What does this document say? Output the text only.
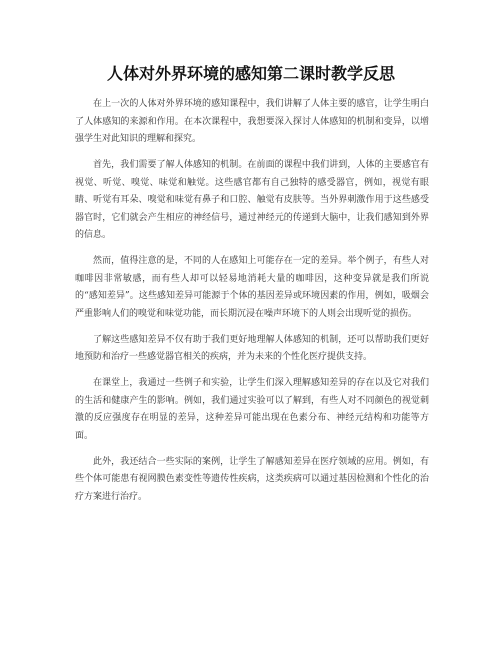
人体对外界环境的感知第二课时教学反思

在上一次的人体对外界环境的感知课程中，我们讲解了人体主要的感官，让学生明白了人体感知的来源和作用。在本次课程中，我想要深入探讨人体感知的机制和变异，以增强学生对此知识的理解和探究。

首先，我们需要了解人体感知的机制。在前面的课程中我们讲到，人体的主要感官有视觉、听觉、嗅觉、味觉和触觉。这些感官都有自己独特的感受器官，例如，视觉有眼睛、听觉有耳朵、嗅觉和味觉有鼻子和口腔、触觉有皮肤等。当外界刺激作用于这些感受器官时，它们就会产生相应的神经信号，通过神经元的传递到大脑中，让我们感知到外界的信息。

然而，值得注意的是，不同的人在感知上可能存在一定的差异。举个例子，有些人对咖啡因非常敏感，而有些人却可以轻易地消耗大量的咖啡因，这种变异就是我们所说的“感知差异”。这些感知差异可能源于个体的基因差异或环境因素的作用，例如，吸烟会严重影响人们的嗅觉和味觉功能，而长期沉浸在噪声环境下的人则会出现听觉的损伤。

了解这些感知差异不仅有助于我们更好地理解人体感知的机制，还可以帮助我们更好地预防和治疗一些感觉器官相关的疾病，并为未来的个性化医疗提供支持。

在课堂上，我通过一些例子和实验，让学生们深入理解感知差异的存在以及它对我们的生活和健康产生的影响。例如，我们通过实验可以了解到，有些人对不同颜色的视觉刺激的反应强度存在明显的差异，这种差异可能出现在色素分布、神经元结构和功能等方面。

此外，我还结合一些实际的案例，让学生了解感知差异在医疗领域的应用。例如，有些个体可能患有视网膜色素变性等遗传性疾病，这类疾病可以通过基因检测和个性化的治疗方案进行治疗。
